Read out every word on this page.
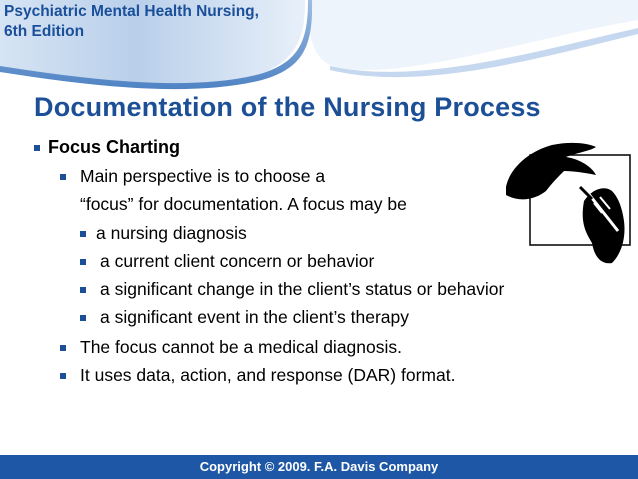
Psychiatric Mental Health Nursing,
6th Edition
Documentation of the Nursing Process
Focus Charting
Main perspective is to choose a
“focus” for documentation. A focus may be
a nursing diagnosis
a current client concern or behavior
a significant change in the client’s status or behavior
a significant event in the client’s therapy
The focus cannot be a medical diagnosis.
It uses data, action, and response (DAR) format.
Copyright © 2009. F.A. Davis Company
